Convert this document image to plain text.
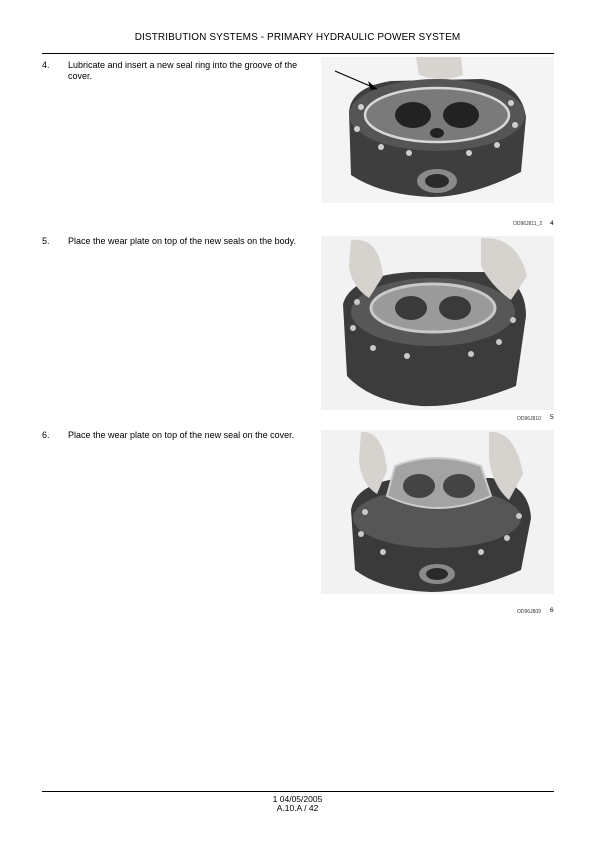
DISTRIBUTION SYSTEMS - PRIMARY HYDRAULIC POWER SYSTEM
4. Lubricate and insert a new seal ring into the groove of the cover.
OD96J811_2 4
5. Place the wear plate on top of the new seals on the body.
OD96J810 5
6. Place the wear plate on top of the new seal on the cover.
OD96J809 6
1 04/05/2005
A.10.A / 42
